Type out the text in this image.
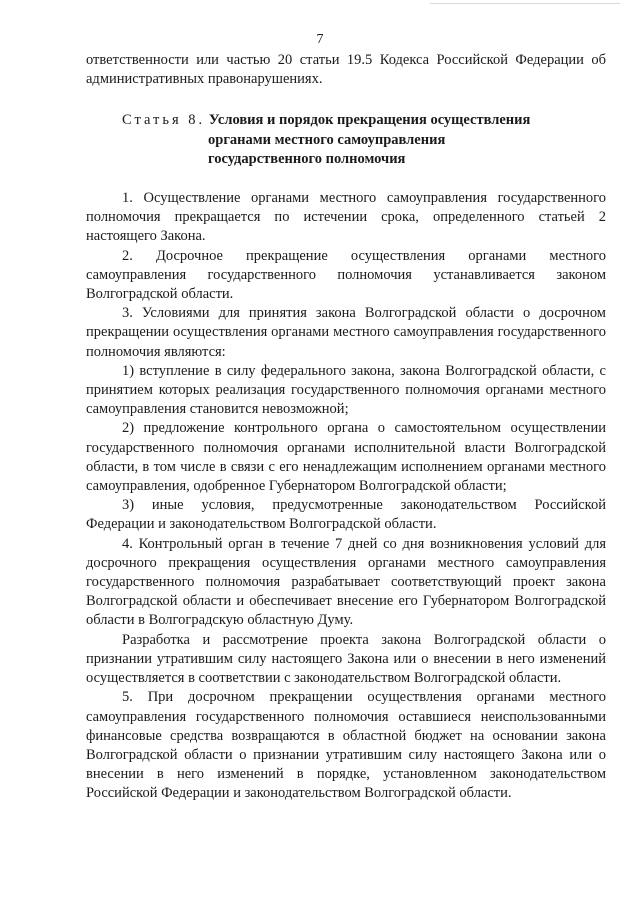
7

ответственности или частью 20 статьи 19.5 Кодекса Российской Федерации об административных правонарушениях.

Статья 8. Условия и порядок прекращения осуществления
органами местного самоуправления
государственного полномочия

1. Осуществление органами местного самоуправления государственного полномочия прекращается по истечении срока, определенного статьей 2 настоящего Закона.

2. Досрочное прекращение осуществления органами местного самоуправления государственного полномочия устанавливается законом Волгоградской области.

3. Условиями для принятия закона Волгоградской области о досрочном прекращении осуществления органами местного самоуправления государственного полномочия являются:

1) вступление в силу федерального закона, закона Волгоградской области, с принятием которых реализация государственного полномочия органами местного самоуправления становится невозможной;

2) предложение контрольного органа о самостоятельном осуществлении государственного полномочия органами исполнительной власти Волгоградской области, в том числе в связи с его ненадлежащим исполнением органами местного самоуправления, одобренное Губернатором Волгоградской области;

3) иные условия, предусмотренные законодательством Российской Федерации и законодательством Волгоградской области.

4. Контрольный орган в течение 7 дней со дня возникновения условий для досрочного прекращения осуществления органами местного самоуправления государственного полномочия разрабатывает соответствующий проект закона Волгоградской области и обеспечивает внесение его Губернатором Волгоградской области в Волгоградскую областную Думу.

Разработка и рассмотрение проекта закона Волгоградской области о признании утратившим силу настоящего Закона или о внесении в него изменений осуществляется в соответствии с законодательством Волгоградской области.

5. При досрочном прекращении осуществления органами местного самоуправления государственного полномочия оставшиеся неиспользованными финансовые средства возвращаются в областной бюджет на основании закона Волгоградской области о признании утратившим силу настоящего Закона или о внесении в него изменений в порядке, установленном законодательством Российской Федерации и законодательством Волгоградской области.
